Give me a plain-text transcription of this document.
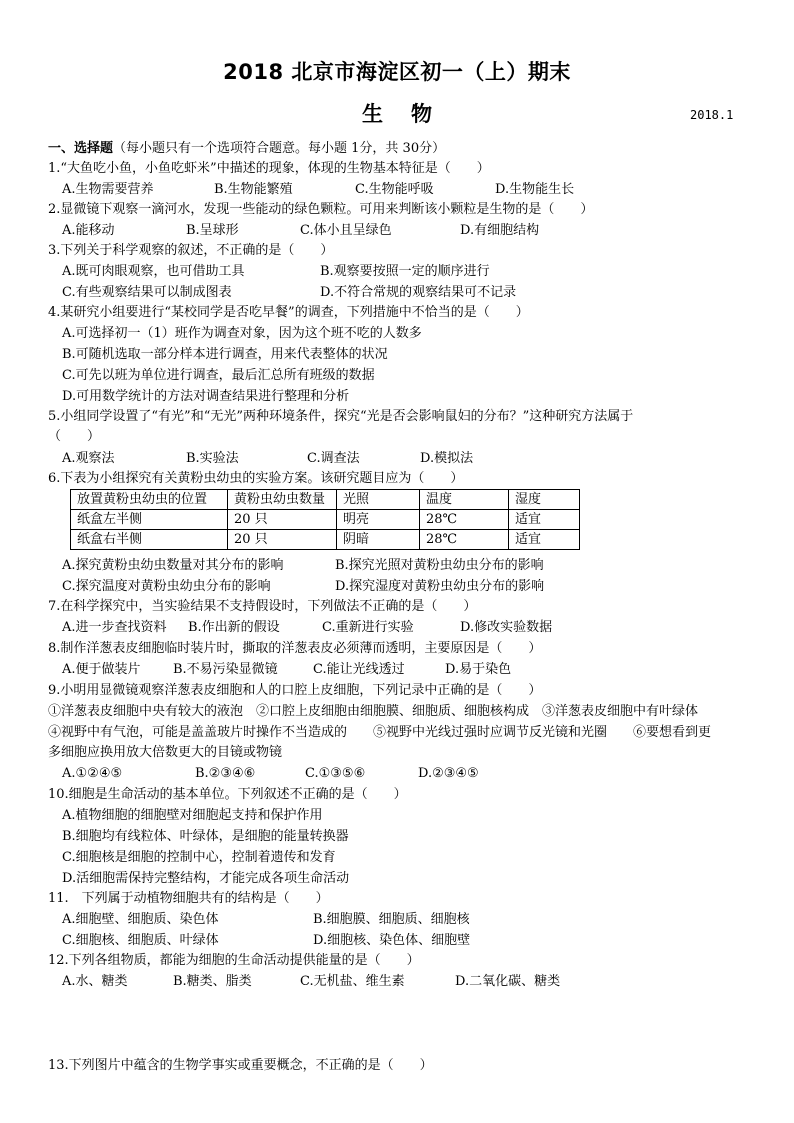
2018 北京市海淀区初一（上）期末
生物	2018.1
一、选择题（每小题只有一个选项符合题意。每小题 1分，共 30分）
1.“大鱼吃小鱼，小鱼吃虾米”中描述的现象，体现的生物基本特征是（　　）
A.生物需要营养	B.生物能繁殖	C.生物能呼吸	D.生物能生长
2.显微镜下观察一滴河水，发现一些能动的绿色颗粒。可用来判断该小颗粒是生物的是（　　）
A.能移动	B.呈球形	C.体小且呈绿色	D.有细胞结构
3.下列关于科学观察的叙述，不正确的是（　　）
A.既可肉眼观察，也可借助工具	B.观察要按照一定的顺序进行
C.有些观察结果可以制成图表	D.不符合常规的观察结果可不记录
4.某研究小组要进行“某校同学是否吃早餐”的调查，下列措施中不恰当的是（　　）
A.可选择初一（1）班作为调查对象，因为这个班不吃的人数多
B.可随机选取一部分样本进行调查，用来代表整体的状况
C.可先以班为单位进行调查，最后汇总所有班级的数据
D.可用数学统计的方法对调查结果进行整理和分析
5.小组同学设置了“有光”和“无光”两种环境条件，探究“光是否会影响鼠妇的分布？”这种研究方法属于
（　　）
A.观察法	B.实验法	C.调查法	D.模拟法
6.下表为小组探究有关黄粉虫幼虫的实验方案。该研究题目应为（　　）
放置黄粉虫幼虫的位置	黄粉虫幼虫数量	光照	温度	湿度
纸盒左半侧	20 只	明亮	28℃	适宜
纸盒右半侧	20 只	阴暗	28℃	适宜
A.探究黄粉虫幼虫数量对其分布的影响	B.探究光照对黄粉虫幼虫分布的影响
C.探究温度对黄粉虫幼虫分布的影响	D.探究湿度对黄粉虫幼虫分布的影响
7.在科学探究中，当实验结果不支持假设时，下列做法不正确的是（　　）
A.进一步查找资料 B.作出新的假设	C.重新进行实验	D.修改实验数据
8.制作洋葱表皮细胞临时装片时，撕取的洋葱表皮必须薄而透明，主要原因是（　　）
A.便于做装片 B.不易污染显微镜	C.能让光线透过	D.易于染色
9.小明用显微镜观察洋葱表皮细胞和人的口腔上皮细胞，下列记录中正确的是（　　）
①洋葱表皮细胞中央有较大的液泡　②口腔上皮细胞由细胞膜、细胞质、细胞核构成　③洋葱表皮细胞中有叶绿体
④视野中有气泡，可能是盖盖玻片时操作不当造成的　　⑤视野中光线过强时应调节反光镜和光圈　　⑥要想看到更
多细胞应换用放大倍数更大的目镜或物镜
A.①②④⑤	B.②③④⑥	C.①③⑤⑥	D.②③④⑤
10.细胞是生命活动的基本单位。下列叙述不正确的是（　　）
A.植物细胞的细胞壁对细胞起支持和保护作用
B.细胞均有线粒体、叶绿体，是细胞的能量转换器
C.细胞核是细胞的控制中心，控制着遗传和发育
D.活细胞需保持完整结构，才能完成各项生命活动
11.　下列属于动植物细胞共有的结构是（　　）
A.细胞壁、细胞质、染色体	B.细胞膜、细胞质、细胞核
C.细胞核、细胞质、叶绿体	D.细胞核、染色体、细胞壁
12.下列各组物质，都能为细胞的生命活动提供能量的是（　　）
A.水、糖类	B.糖类、脂类	C.无机盐、维生素	D.二氧化碳、糖类
13.下列图片中蕴含的生物学事实或重要概念，不正确的是（　　）
